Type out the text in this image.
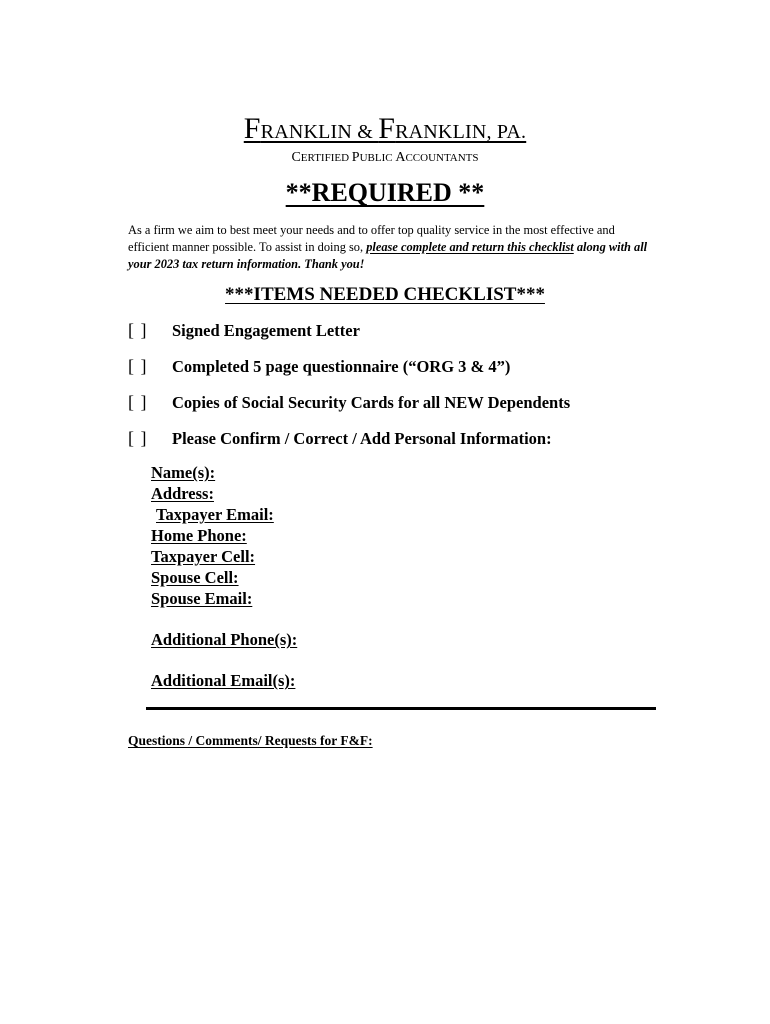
FRANKLIN & FRANKLIN, PA.
CERTIFIED PUBLIC ACCOUNTANTS
**REQUIRED **
As a firm we aim to best meet your needs and to offer top quality service in the most effective and efficient manner possible. To assist in doing so, please complete and return this checklist along with all your 2023 tax return information. Thank you!
***ITEMS NEEDED CHECKLIST***
[ ]	Signed Engagement Letter
[ ]	Completed 5 page questionnaire (“ORG 3 & 4”)
[ ]	Copies of Social Security Cards for all NEW Dependents
[ ]	Please Confirm / Correct / Add Personal Information:
Name(s):
Address:
Taxpayer Email:
Home Phone:
Taxpayer Cell:
Spouse Cell:
Spouse Email:
Additional Phone(s):
Additional Email(s):
Questions / Comments/ Requests for F&F:
